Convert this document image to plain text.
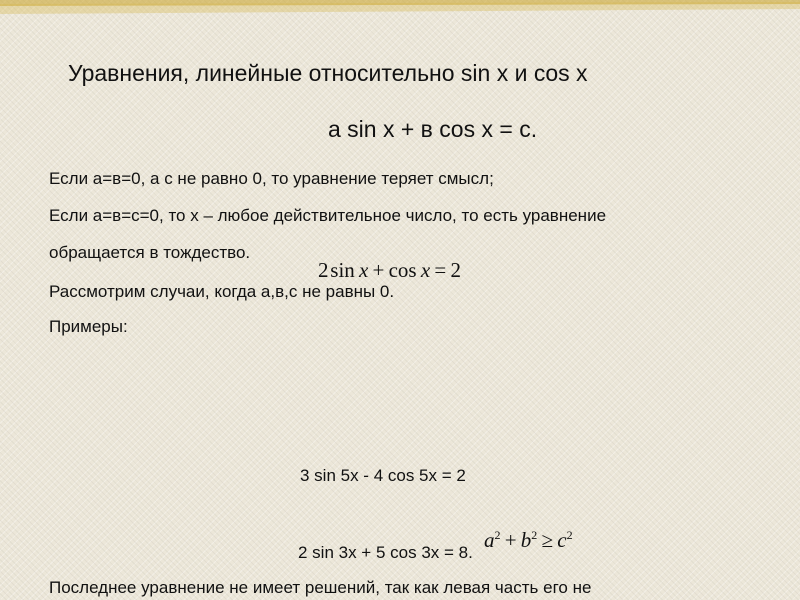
Уравнения, линейные относительно sin x и cos x
a sin x + в cos x = c.
Если а=в=0, а с не равно 0, то уравнение теряет смысл;
Если а=в=с=0, то х – любое действительное число, то есть уравнение
обращается в тождество.
Рассмотрим случаи, когда а,в,с не равны 0.
Примеры:
2 sin  x  +  cos  x  =  2
3 sin 5x - 4 cos 5x = 2
$a^2 + b^2 \ge c^2$
2 sin 3x + 5 cos 3x = 8.
Последнее уравнение не имеет решений, так как левая часть его не
